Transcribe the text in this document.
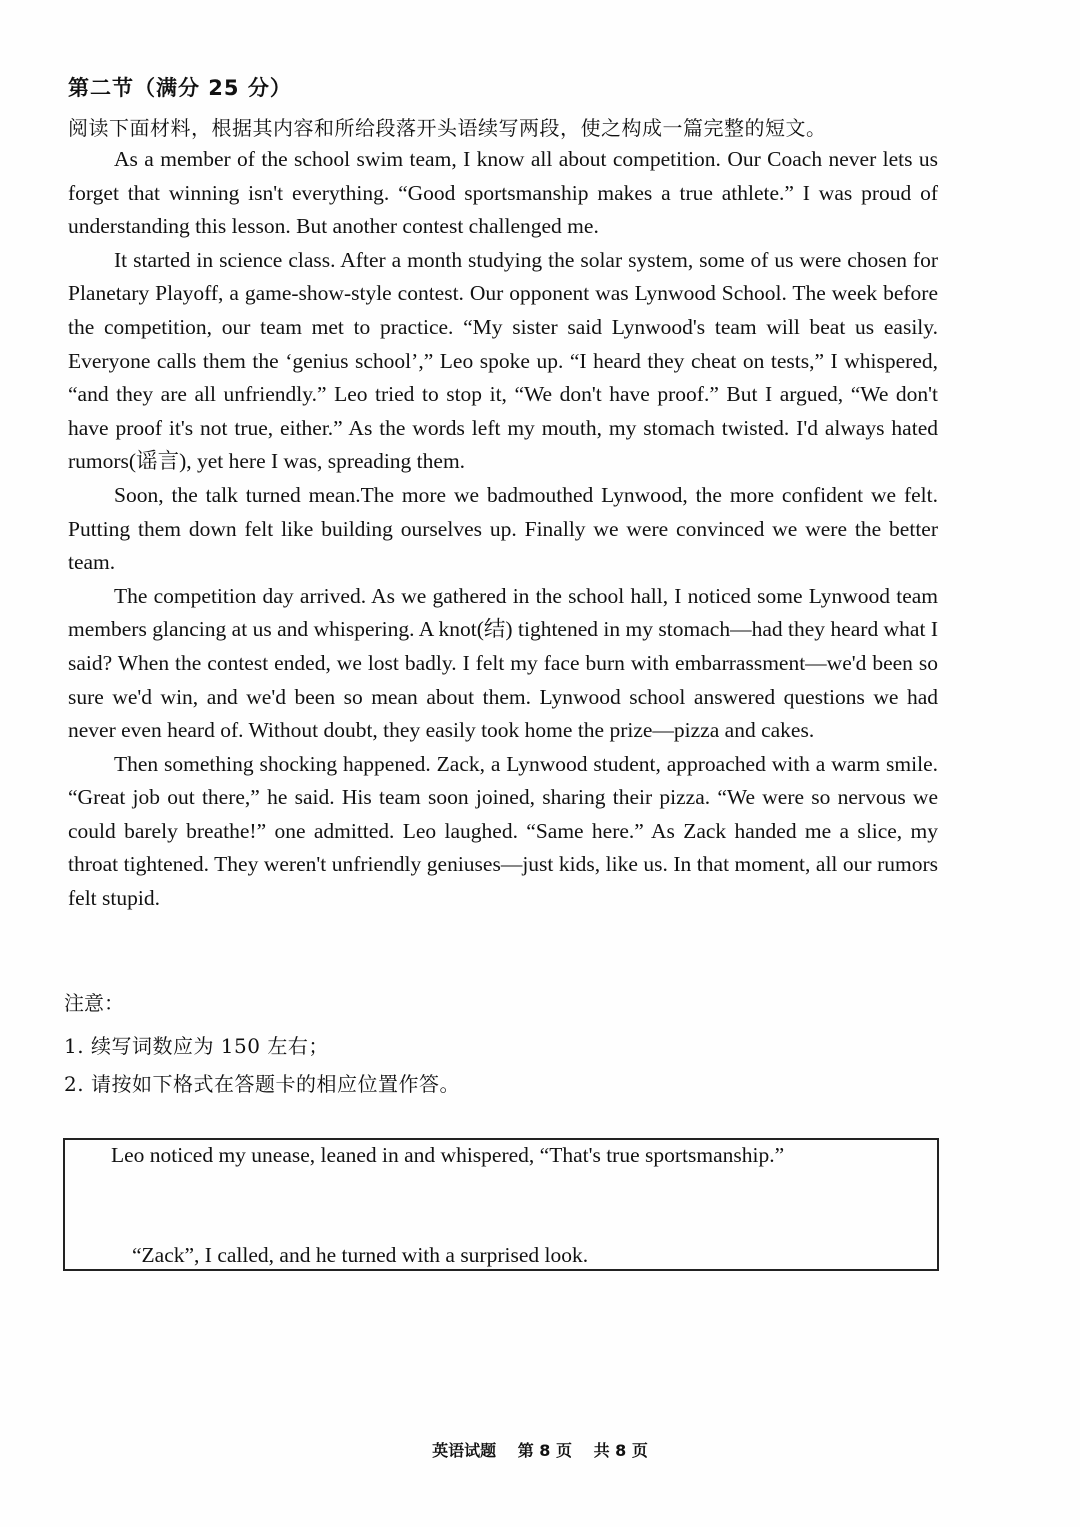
第二节（满分 25 分）
阅读下面材料，根据其内容和所给段落开头语续写两段，使之构成一篇完整的短文。

As a member of the school swim team, I know all about competition. Our Coach never lets us forget that winning isn't everything. “Good sportsmanship makes a true athlete.” I was proud of understanding this lesson. But another contest challenged me.

It started in science class. After a month studying the solar system, some of us were chosen for Planetary Playoff, a game-show-style contest. Our opponent was Lynwood School. The week before the competition, our team met to practice. “My sister said Lynwood's team will beat us easily. Everyone calls them the ‘genius school’,” Leo spoke up. “I heard they cheat on tests,” I whispered, “and they are all unfriendly.” Leo tried to stop it, “We don't have proof.” But I argued, “We don't have proof it's not true, either.” As the words left my mouth, my stomach twisted. I'd always hated rumors(谣言), yet here I was, spreading them.

Soon, the talk turned mean.The more we badmouthed Lynwood, the more confident we felt. Putting them down felt like building ourselves up. Finally we were convinced we were the better team.

The competition day arrived. As we gathered in the school hall, I noticed some Lynwood team members glancing at us and whispering. A knot(结) tightened in my stomach—had they heard what I said? When the contest ended, we lost badly. I felt my face burn with embarrassment—we'd been so sure we'd win, and we'd been so mean about them. Lynwood school answered questions we had never even heard of. Without doubt, they easily took home the prize—pizza and cakes.

Then something shocking happened. Zack, a Lynwood student, approached with a warm smile. “Great job out there,” he said. His team soon joined, sharing their pizza. “We were so nervous we could barely breathe!” one admitted. Leo laughed. “Same here.” As Zack handed me a slice, my throat tightened. They weren't unfriendly geniuses—just kids, like us. In that moment, all our rumors felt stupid.

注意：
1. 续写词数应为 150 左右；
2. 请按如下格式在答题卡的相应位置作答。
Leo noticed my unease, leaned in and whispered, “That's true sportsmanship.”
“Zack”, I called, and he turned with a surprised look.
英语试题 第 8 页 共 8 页
